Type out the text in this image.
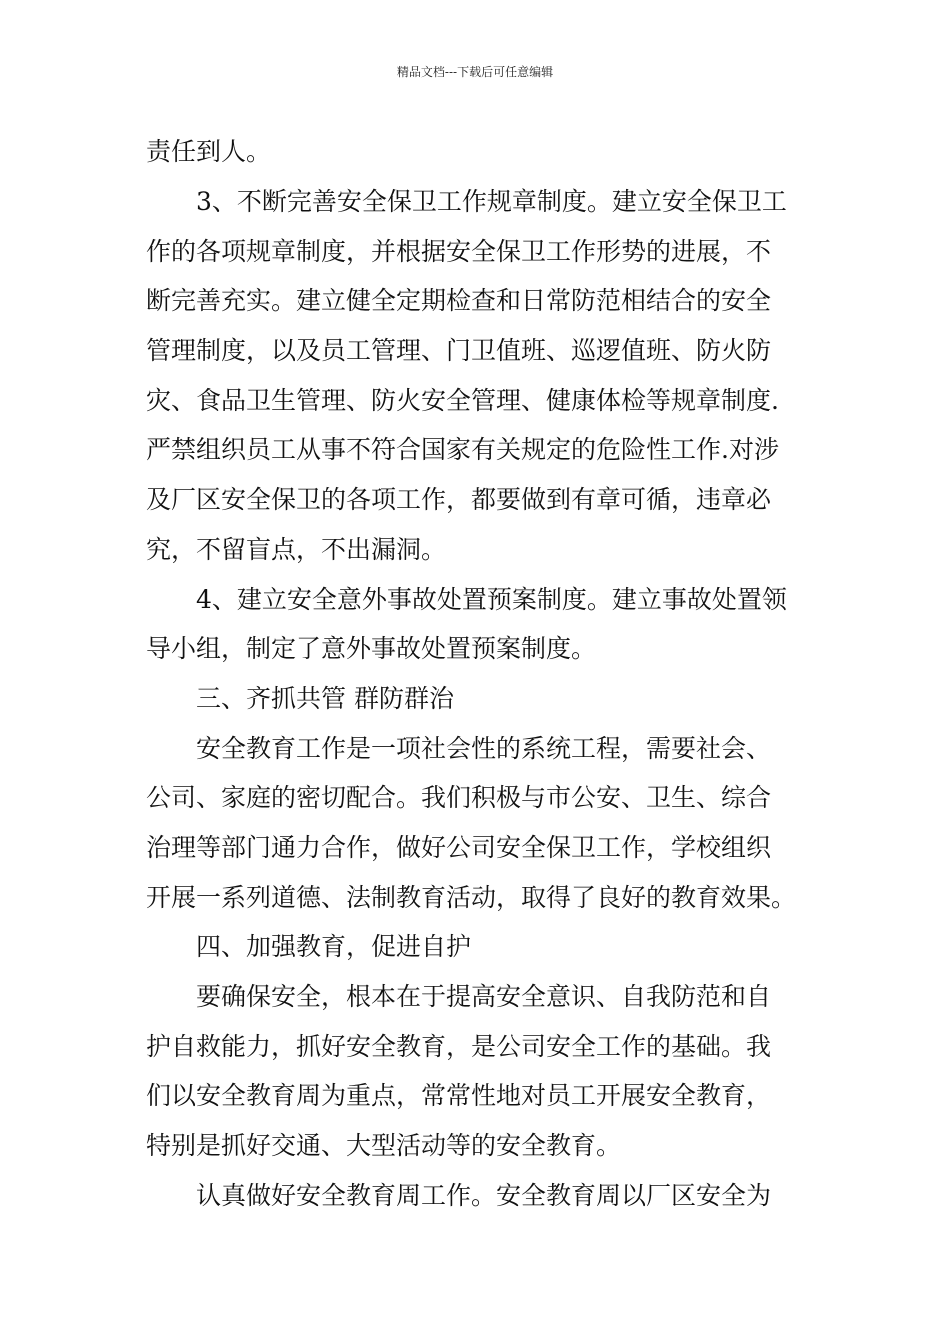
精品文档---下载后可任意编辑
责任到人。
3、不断完善安全保卫工作规章制度。建立安全保卫工
作的各项规章制度，并根据安全保卫工作形势的进展，不
断完善充实。建立健全定期检查和日常防范相结合的安全
管理制度，以及员工管理、门卫值班、巡逻值班、防火防
灾、食品卫生管理、防火安全管理、健康体检等规章制度.
严禁组织员工从事不符合国家有关规定的危险性工作.对涉
及厂区安全保卫的各项工作，都要做到有章可循，违章必
究，不留盲点，不出漏洞。
4、建立安全意外事故处置预案制度。建立事故处置领
导小组，制定了意外事故处置预案制度。
三、齐抓共管 群防群治
安全教育工作是一项社会性的系统工程，需要社会、
公司、家庭的密切配合。我们积极与市公安、卫生、综合
治理等部门通力合作，做好公司安全保卫工作，学校组织
开展一系列道德、法制教育活动，取得了良好的教育效果。
四、加强教育，促进自护
要确保安全，根本在于提高安全意识、自我防范和自
护自救能力，抓好安全教育，是公司安全工作的基础。我
们以安全教育周为重点，常常性地对员工开展安全教育，
特别是抓好交通、大型活动等的安全教育。
认真做好安全教育周工作。安全教育周以厂区安全为
